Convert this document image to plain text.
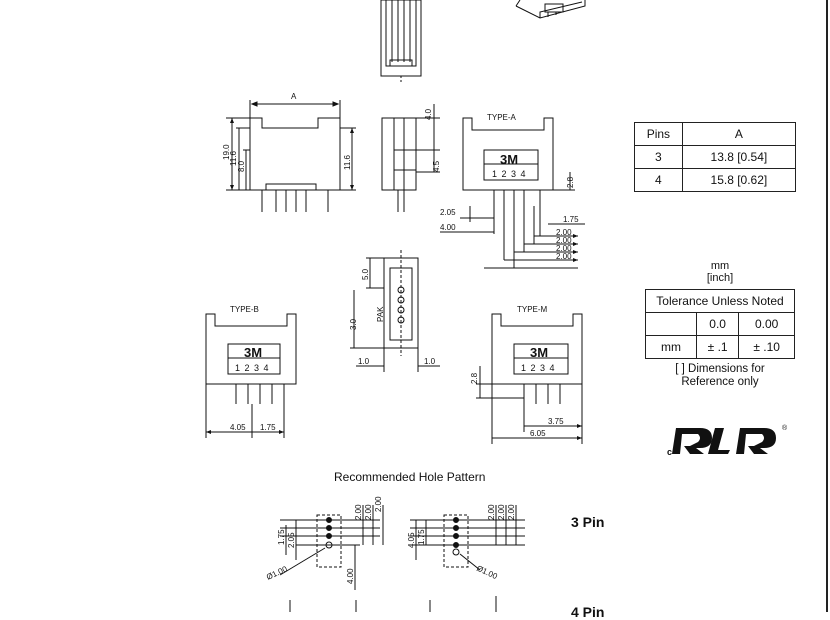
A
19.0
11.6
8.0	11.6
4.0
4.5
TYPE-A
3M
1 2 3 4
2.8
2.05
4.00
1.75
2.00
2.00
2.00
2.00
5.0
3.0
PAK
1.0	1.0
TYPE-B
3M
1 2 3 4
4.05 1.75
TYPE-M
3M
1 2 3 4
2.8
3.75
6.05
1.75 2.05
4.00
2.00 2.00
2.00
Ø1.00
4.05 1.75
2.00 2.00 2.00
Ø1.00
c
®
Pins	A
3	13.8 [0.54]
4	15.8 [0.62]
mm
[inch]
Tolerance Unless Noted		
	0.0	0.00
mm	± .1	± .10
[ ] Dimensions for
Reference only
Recommended Hole Pattern
3 Pin
4 Pin
